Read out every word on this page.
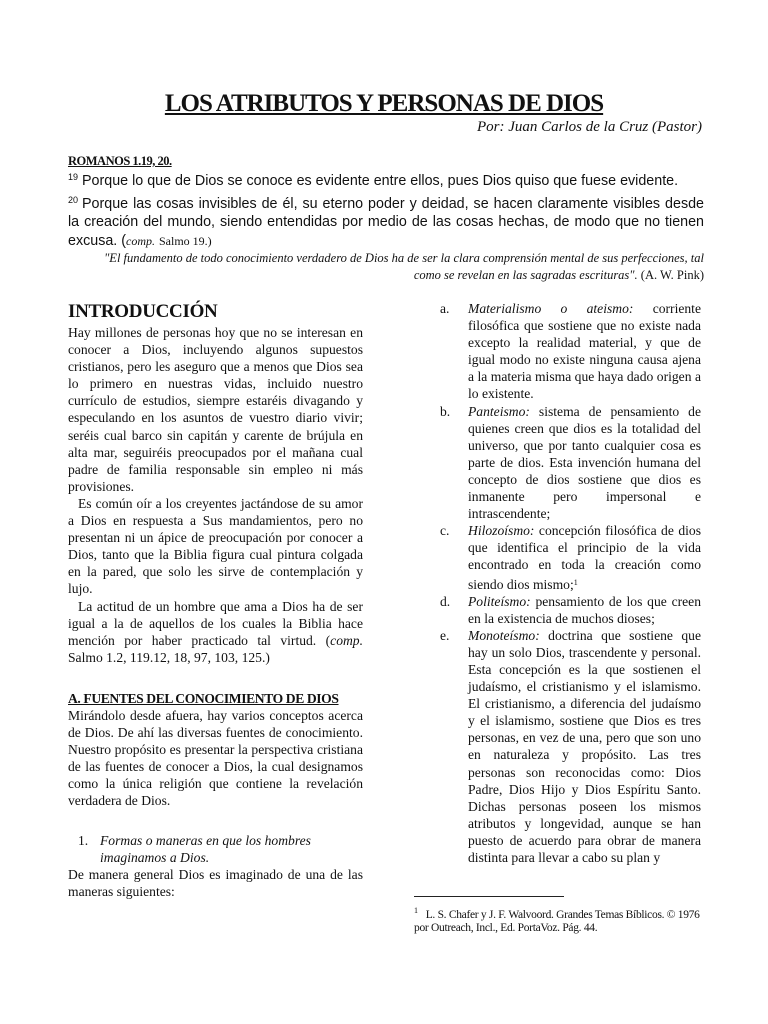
LOS ATRIBUTOS Y PERSONAS DE DIOS
Por: Juan Carlos de la Cruz (Pastor)
ROMANOS 1.19, 20.
$^{19}$ Porque lo que de Dios se conoce es evidente entre ellos, pues Dios quiso que fuese evidente.
$^{20}$ Porque las cosas invisibles de él, su eterno poder y deidad, se hacen claramente visibles desde la creación del mundo, siendo entendidas por medio de las cosas hechas, de modo que no tienen excusa. (comp. Salmo 19.)
"El fundamento de todo conocimiento verdadero de Dios ha de ser la clara comprensión mental de sus perfecciones, tal como se revelan en las sagradas escrituras". (A. W. Pink)
INTRODUCCIÓN

Hay millones de personas hoy que no se interesan en conocer a Dios, incluyendo algunos supuestos cristianos, pero les aseguro que a menos que Dios sea lo primero en nuestras vidas, incluido nuestro currículo de estudios, siempre estaréis divagando y especulando en los asuntos de vuestro diario vivir; seréis cual barco sin capitán y carente de brújula en alta mar, seguiréis preocupados por el mañana cual padre de familia responsable sin empleo ni más provisiones.

Es común oír a los creyentes jactándose de su amor a Dios en respuesta a Sus mandamientos, pero no presentan ni un ápice de preocupación por conocer a Dios, tanto que la Biblia figura cual pintura colgada en la pared, que solo les sirve de contemplación y lujo.

La actitud de un hombre que ama a Dios ha de ser igual a la de aquellos de los cuales la Biblia hace mención por haber practicado tal virtud. (comp. Salmo 1.2, 119.12, 18, 97, 103, 125.)

A. FUENTES DEL CONOCIMIENTO DE DIOS

Mirándolo desde afuera, hay varios conceptos acerca de Dios. De ahí las diversas fuentes de conocimiento. Nuestro propósito es presentar la perspectiva cristiana de las fuentes de conocer a Dios, la cual designamos como la única religión que contiene la revelación verdadera de Dios.

1. Formas o maneras en que los hombres imaginamos a Dios.

De manera general Dios es imaginado de una de las maneras siguientes:

a.	Materialismo o ateismo: corriente filosófica que sostiene que no existe nada excepto la realidad material, y que de igual modo no existe ninguna causa ajena a la materia misma que haya dado origen a lo existente.
b.	Panteismo: sistema de pensamiento de quienes creen que dios es la totalidad del universo, que por tanto cualquier cosa es parte de dios. Esta invención humana del concepto de dios sostiene que dios es inmanente pero impersonal e intrascendente;
c.	Hilozoísmo: concepción filosófica de dios que identifica el principio de la vida encontrado en toda la creación como siendo dios mismo;$^1$
d.	Politeísmo: pensamiento de los que creen en la existencia de muchos dioses;
e.	Monoteísmo: doctrina que sostiene que hay un solo Dios, trascendente y personal. Esta concepción es la que sostienen el judaísmo, el cristianismo y el islamismo. El cristianismo, a diferencia del judaísmo y el islamismo, sostiene que Dios es tres personas, en vez de una, pero que son uno en naturaleza y propósito. Las tres personas son reconocidas como: Dios Padre, Dios Hijo y Dios Espíritu Santo. Dichas personas poseen los mismos atributos y longevidad, aunque se han puesto de acuerdo para obrar de manera distinta para llevar a cabo su plan y
$^1$ L. S. Chafer y J. F. Walvoord. Grandes Temas Bíblicos. © 1976 por Outreach, Incl., Ed. PortaVoz. Pág. 44.
